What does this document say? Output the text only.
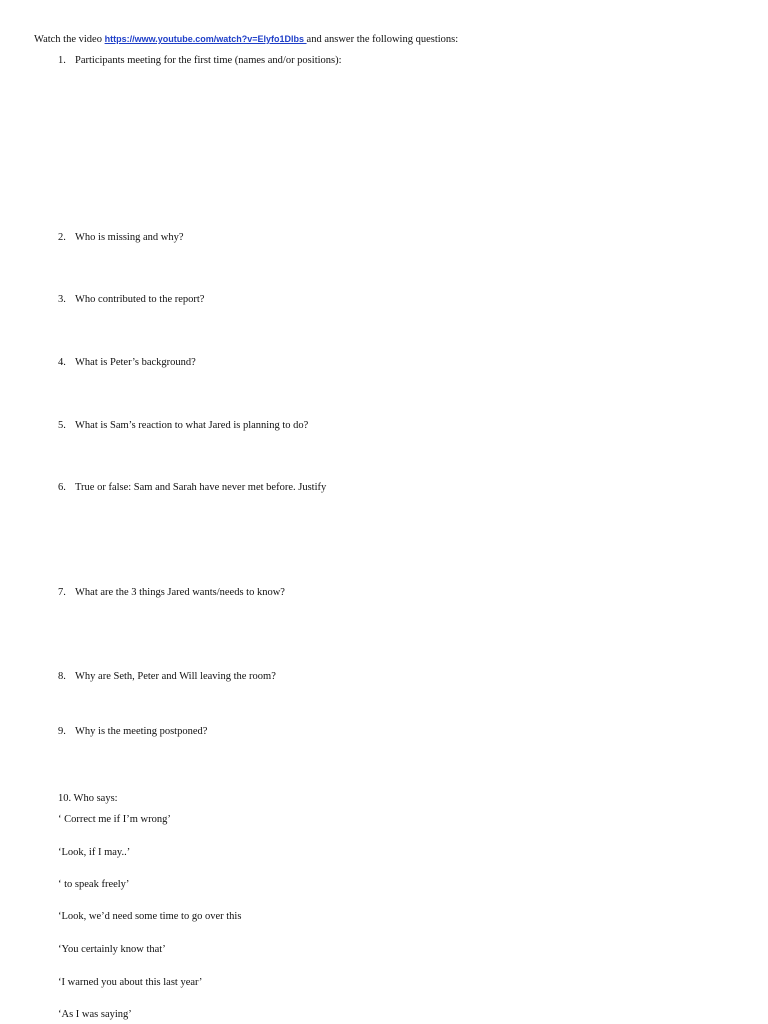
Watch the video https://www.youtube.com/watch?v=Elyfo1Dlbs and answer the following questions:
1. Participants meeting for the first time (names and/or positions):
2. Who is missing and why?
3. Who contributed to the report?
4. What is Peter’s background?
5. What is Sam’s reaction to what Jared is planning to do?
6. True or false: Sam and Sarah have never met before. Justify
7. What are the 3 things Jared wants/needs to know?
8. Why are Seth, Peter and Will leaving the room?
9. Why is the meeting postponed?
10. Who says:
‘ Correct me if I’m wrong’
‘Look, if I may..’
‘ to speak freely’
‘Look, we’d need some time to go over this
‘You certainly know that’
‘I warned you about this last year’
‘As I was saying’
